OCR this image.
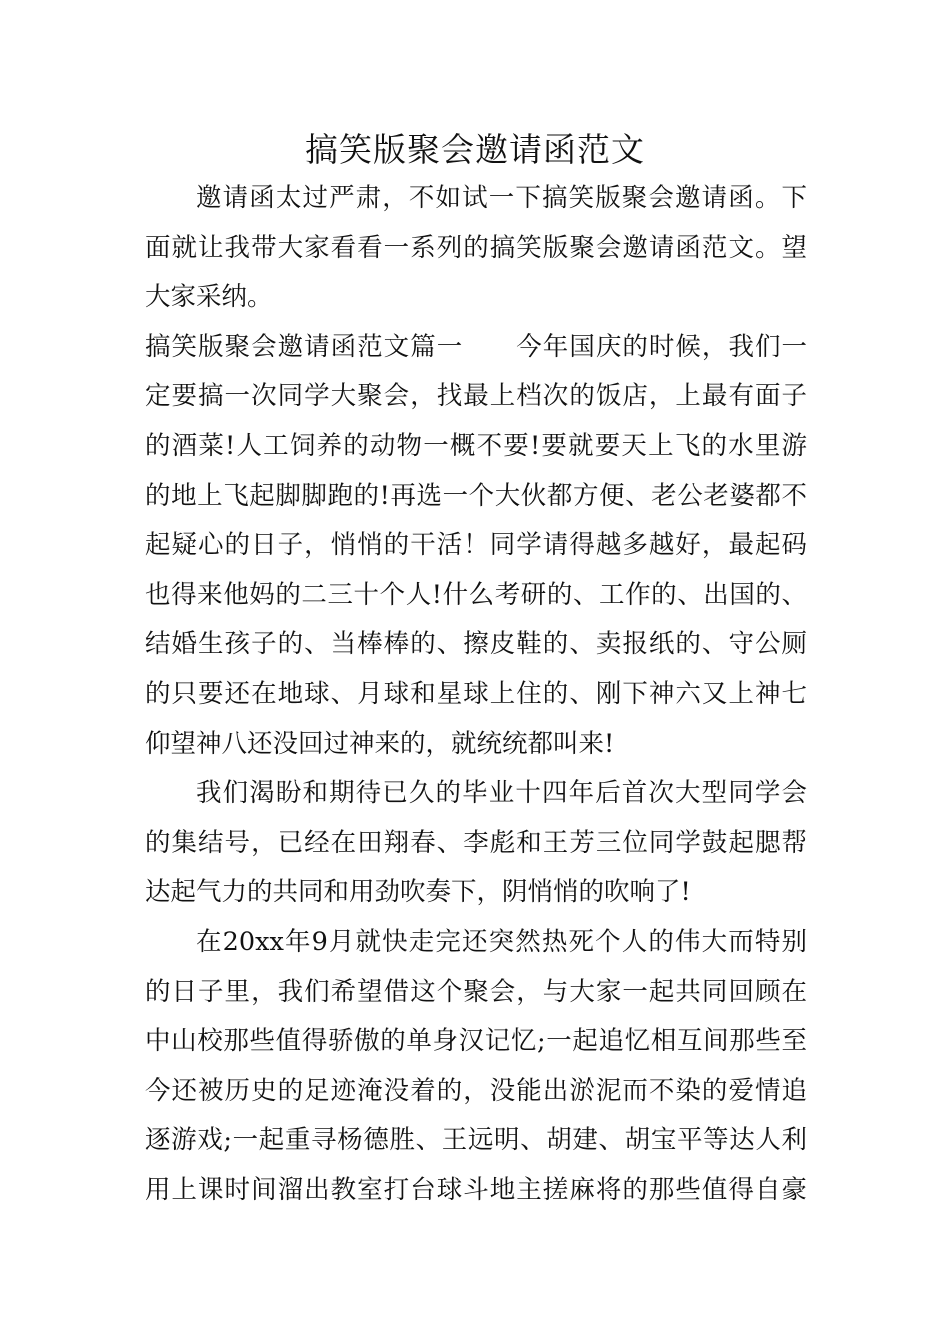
搞笑版聚会邀请函范文
邀请函太过严肃，不如试一下搞笑版聚会邀请函。下
面就让我带大家看看一系列的搞笑版聚会邀请函范文。望
大家采纳。
搞笑版聚会邀请函范文篇一　　今年国庆的时候，我们一
定要搞一次同学大聚会，找最上档次的饭店，上最有面子
的酒菜!人工饲养的动物一概不要!要就要天上飞的水里游
的地上飞起脚脚跑的!再选一个大伙都方便、老公老婆都不
起疑心的日子，悄悄的干活！同学请得越多越好，最起码
也得来他妈的二三十个人!什么考研的、工作的、出国的、
结婚生孩子的、当棒棒的、擦皮鞋的、卖报纸的、守公厕
的只要还在地球、月球和星球上住的、刚下神六又上神七
仰望神八还没回过神来的，就统统都叫来!
我们渴盼和期待已久的毕业十四年后首次大型同学会
的集结号，已经在田翔春、李彪和王芳三位同学鼓起腮帮
达起气力的共同和用劲吹奏下，阴悄悄的吹响了!
在20xx年9月就快走完还突然热死个人的伟大而特别
的日子里，我们希望借这个聚会，与大家一起共同回顾在
中山校那些值得骄傲的单身汉记忆;一起追忆相互间那些至
今还被历史的足迹淹没着的，没能出淤泥而不染的爱情追
逐游戏;一起重寻杨德胜、王远明、胡建、胡宝平等达人利
用上课时间溜出教室打台球斗地主搓麻将的那些值得自豪
